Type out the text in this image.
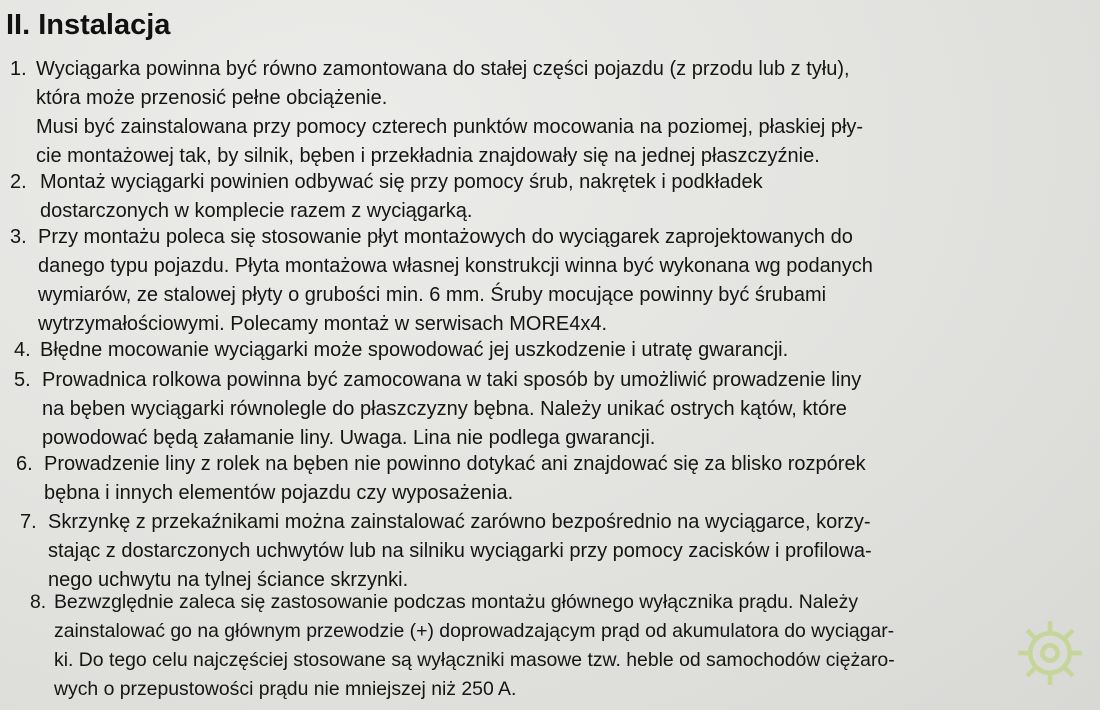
II. Instalacja
1. Wyciągarka powinna być równo zamontowana do stałej części pojazdu (z przodu lub z tyłu),
która może przenosić pełne obciążenie.
Musi być zainstalowana przy pomocy czterech punktów mocowania na poziomej, płaskiej pły-
cie montażowej tak, by silnik, bęben i przekładnia znajdowały się na jednej płaszczyźnie.
2. Montaż wyciągarki powinien odbywać się przy pomocy śrub, nakrętek i podkładek
dostarczonych w komplecie razem z wyciągarką.
3. Przy montażu poleca się stosowanie płyt montażowych do wyciągarek zaprojektowanych do
danego typu pojazdu. Płyta montażowa własnej konstrukcji winna być wykonana wg podanych
wymiarów, ze stalowej płyty o grubości min. 6 mm. Śruby mocujące powinny być śrubami
wytrzymałościowymi. Polecamy montaż w serwisach MORE4x4.
4. Błędne mocowanie wyciągarki może spowodować jej uszkodzenie i utratę gwarancji.
5. Prowadnica rolkowa powinna być zamocowana w taki sposób by umożliwić prowadzenie liny
na bęben wyciągarki równolegle do płaszczyzny bębna. Należy unikać ostrych kątów, które
powodować będą załamanie liny. Uwaga. Lina nie podlega gwarancji.
6. Prowadzenie liny z rolek na bęben nie powinno dotykać ani znajdować się za blisko rozpórek
bębna i innych elementów pojazdu czy wyposażenia.
7. Skrzynkę z przekaźnikami można zainstalować zarówno bezpośrednio na wyciągarce, korzy-
stając z dostarczonych uchwytów lub na silniku wyciągarki przy pomocy zacisków i profilowa-
nego uchwytu na tylnej ściance skrzynki.
8. Bezwzględnie zaleca się zastosowanie podczas montażu głównego wyłącznika prądu. Należy
zainstalować go na głównym przewodzie (+) doprowadzającym prąd od akumulatora do wyciągar-
ki. Do tego celu najczęściej stosowane są wyłączniki masowe tzw. heble od samochodów ciężaro-
wych o przepustowości prądu nie mniejszej niż 250 A.
